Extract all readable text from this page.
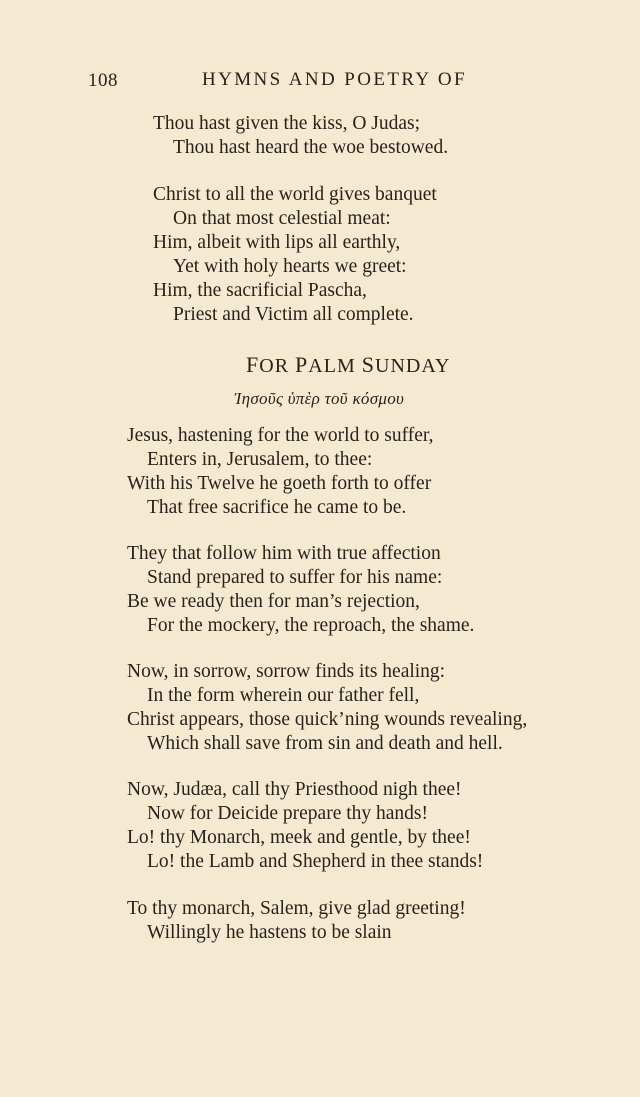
108	HYMNS AND POETRY OF
Thou hast given the kiss, O Judas;
Thou hast heard the woe bestowed.
Christ to all the world gives banquet
On that most celestial meat:
Him, albeit with lips all earthly,
Yet with holy hearts we greet:
Him, the sacrificial Pascha,
Priest and Victim all complete.
FOR PALM SUNDAY
Ἰησοῦς ὑπὲρ τοῦ κόσμου
Jesus, hastening for the world to suffer,
Enters in, Jerusalem, to thee:
With his Twelve he goeth forth to offer
That free sacrifice he came to be.
They that follow him with true affection
Stand prepared to suffer for his name:
Be we ready then for man’s rejection,
For the mockery, the reproach, the shame.
Now, in sorrow, sorrow finds its healing:
In the form wherein our father fell,
Christ appears, those quick’ning wounds revealing,
Which shall save from sin and death and hell.
Now, Judæa, call thy Priesthood nigh thee!
Now for Deicide prepare thy hands!
Lo! thy Monarch, meek and gentle, by thee!
Lo! the Lamb and Shepherd in thee stands!
To thy monarch, Salem, give glad greeting!
Willingly he hastens to be slain
